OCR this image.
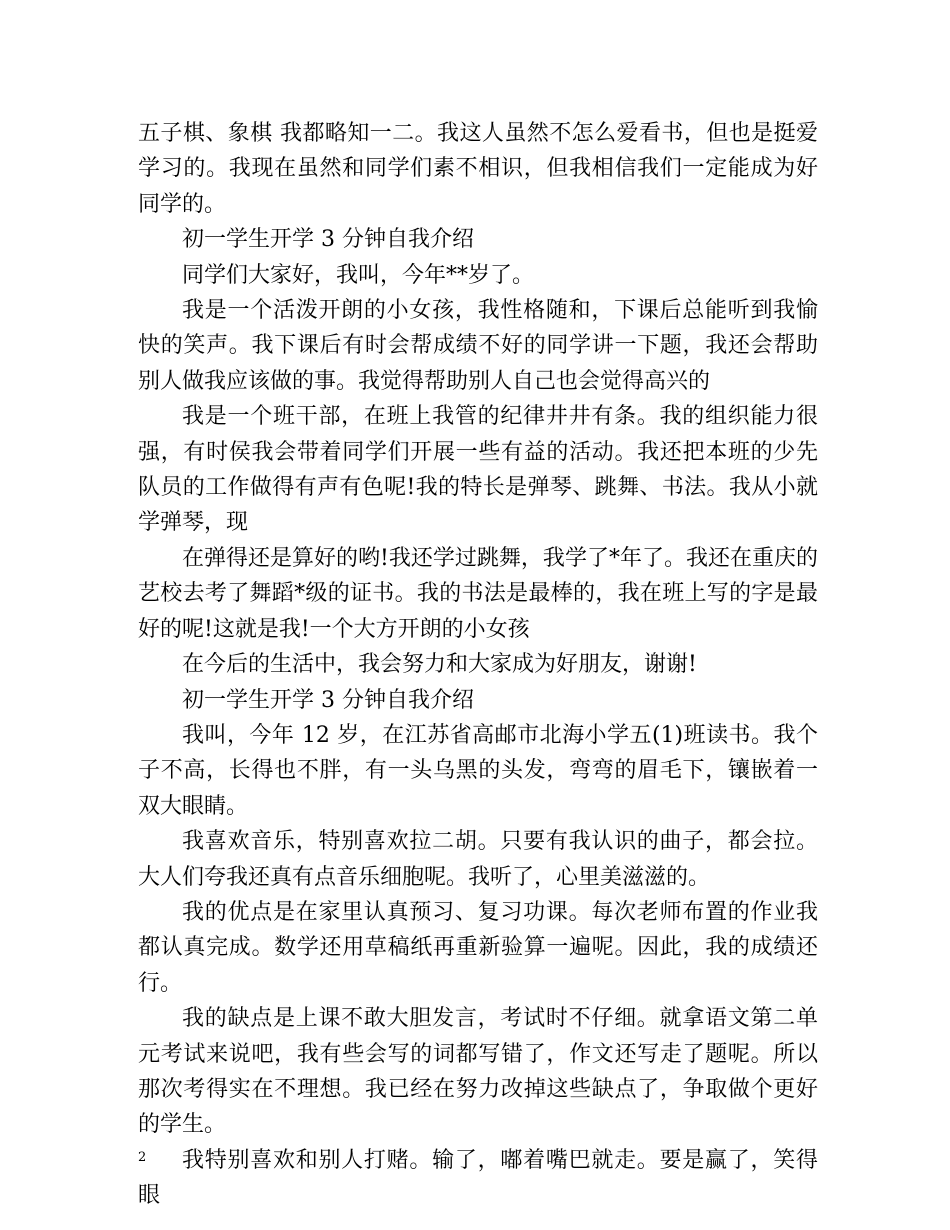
五子棋、象棋 我都略知一二。我这人虽然不怎么爱看书，但也是挺爱学习的。我现在虽然和同学们素不相识，但我相信我们一定能成为好同学的。

初一学生开学 3 分钟自我介绍

同学们大家好，我叫，今年**岁了。

我是一个活泼开朗的小女孩，我性格随和，下课后总能听到我愉快的笑声。我下课后有时会帮成绩不好的同学讲一下题，我还会帮助别人做我应该做的事。我觉得帮助别人自己也会觉得高兴的

我是一个班干部，在班上我管的纪律井井有条。我的组织能力很强，有时侯我会带着同学们开展一些有益的活动。我还把本班的少先队员的工作做得有声有色呢!我的特长是弹琴、跳舞、书法。我从小就学弹琴，现

在弹得还是算好的哟!我还学过跳舞，我学了*年了。我还在重庆的艺校去考了舞蹈*级的证书。我的书法是最棒的，我在班上写的字是最好的呢!这就是我!一个大方开朗的小女孩

在今后的生活中，我会努力和大家成为好朋友，谢谢!

初一学生开学 3 分钟自我介绍

我叫，今年 12 岁，在江苏省高邮市北海小学五(1)班读书。我个子不高，长得也不胖，有一头乌黑的头发，弯弯的眉毛下，镶嵌着一双大眼睛。

我喜欢音乐，特别喜欢拉二胡。只要有我认识的曲子，都会拉。大人们夸我还真有点音乐细胞呢。我听了，心里美滋滋的。

我的优点是在家里认真预习、复习功课。每次老师布置的作业我都认真完成。数学还用草稿纸再重新验算一遍呢。因此，我的成绩还行。

我的缺点是上课不敢大胆发言，考试时不仔细。就拿语文第二单元考试来说吧，我有些会写的词都写错了，作文还写走了题呢。所以那次考得实在不理想。我已经在努力改掉这些缺点了，争取做个更好的学生。

我特别喜欢和别人打赌。输了，嘟着嘴巴就走。要是赢了，笑得眼

2
